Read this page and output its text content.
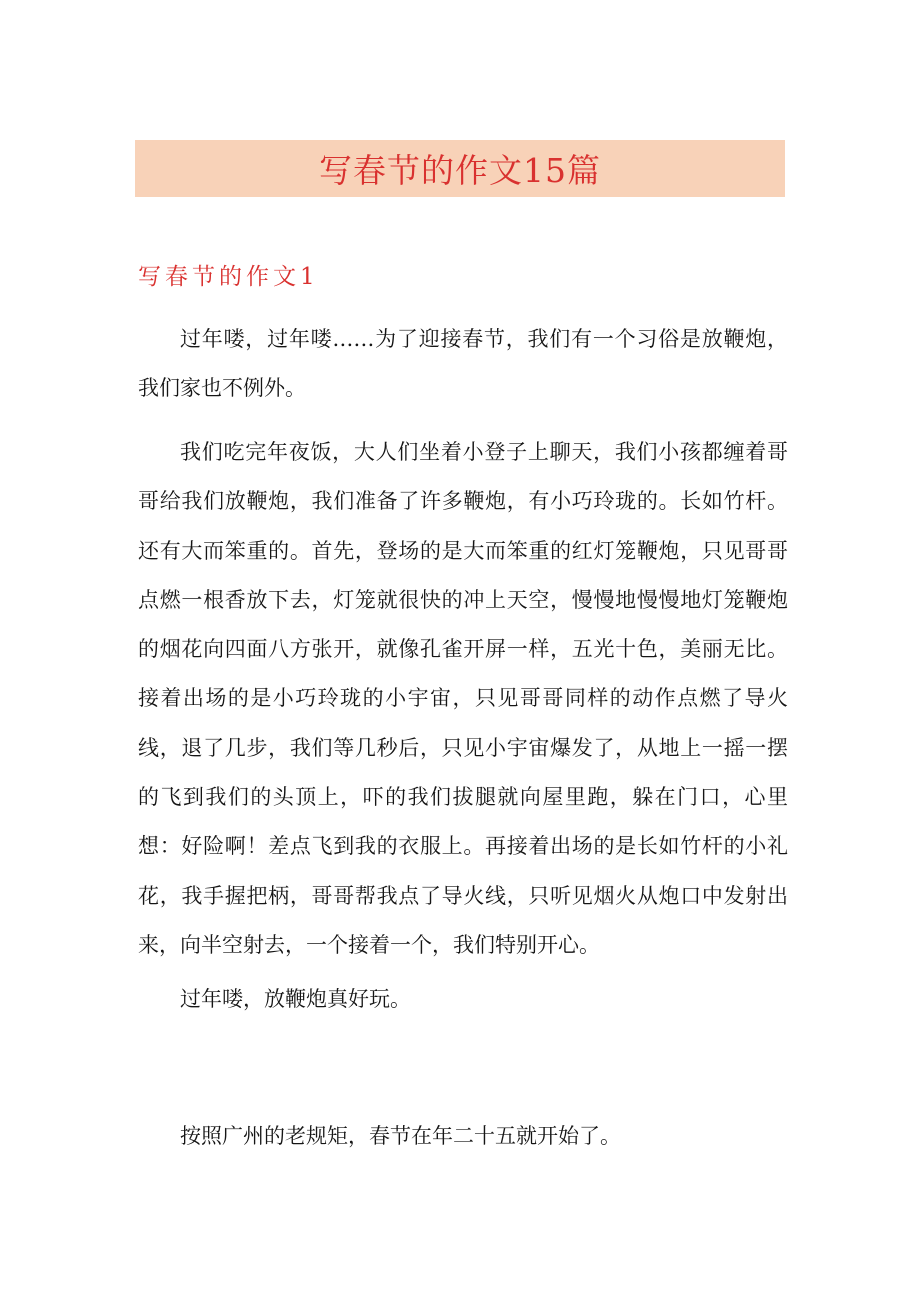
写春节的作文15篇
写春节的作文1

过年喽，过年喽……为了迎接春节，我们有一个习俗是放鞭炮，我们家也不例外。

我们吃完年夜饭，大人们坐着小登子上聊天，我们小孩都缠着哥哥给我们放鞭炮，我们准备了许多鞭炮，有小巧玲珑的。长如竹杆。还有大而笨重的。首先，登场的是大而笨重的红灯笼鞭炮，只见哥哥点燃一根香放下去，灯笼就很快的冲上天空，慢慢地慢慢地灯笼鞭炮的烟花向四面八方张开，就像孔雀开屏一样，五光十色，美丽无比。接着出场的是小巧玲珑的小宇宙，只见哥哥同样的动作点燃了导火线，退了几步，我们等几秒后，只见小宇宙爆发了，从地上一摇一摆的飞到我们的头顶上，吓的我们拔腿就向屋里跑，躲在门口，心里想：好险啊！差点飞到我的衣服上。再接着出场的是长如竹杆的小礼花，我手握把柄，哥哥帮我点了导火线，只听见烟火从炮口中发射出来，向半空射去，一个接着一个，我们特别开心。

过年喽，放鞭炮真好玩。

按照广州的老规矩，春节在年二十五就开始了。
